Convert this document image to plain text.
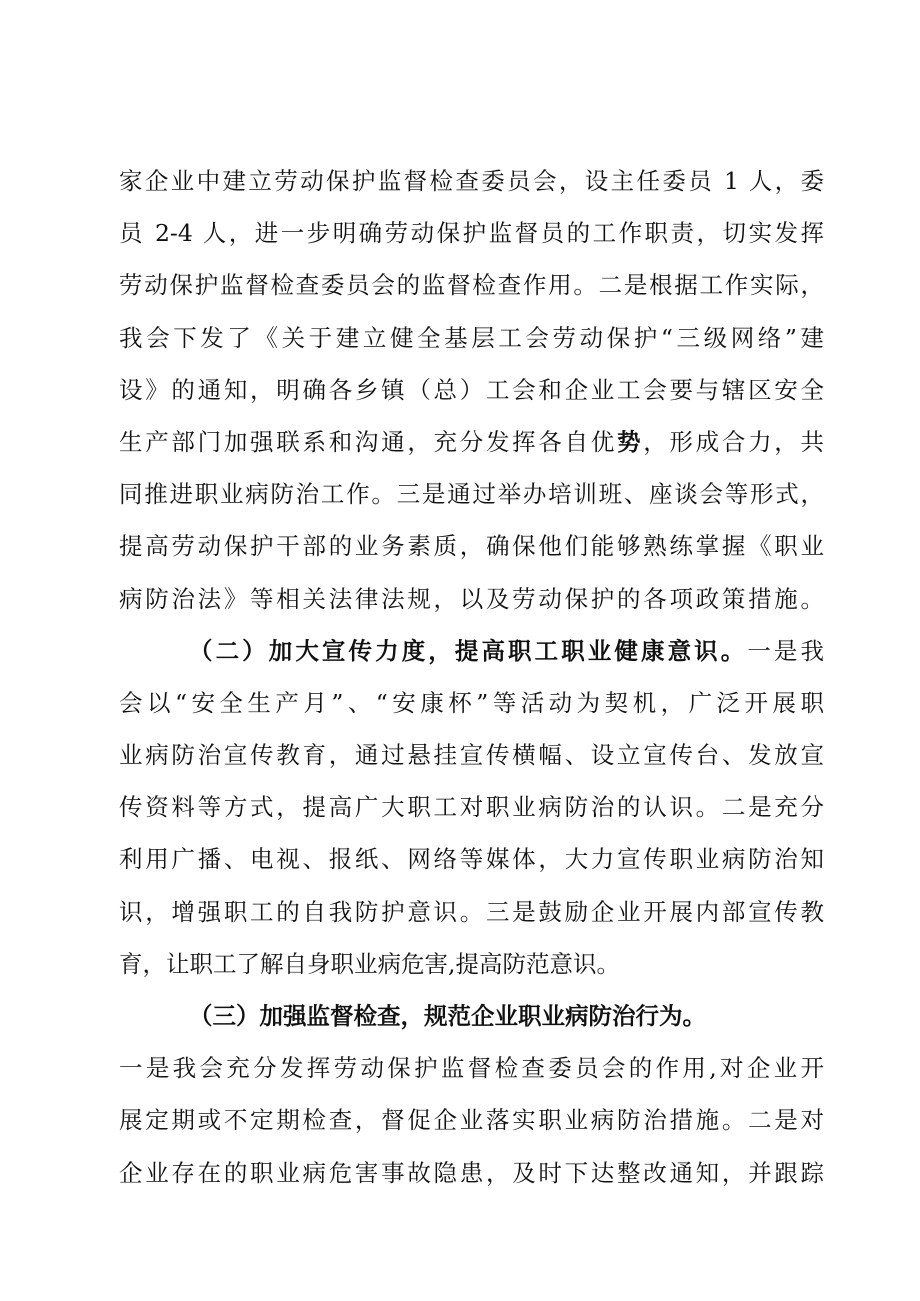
家企业中建立劳动保护监督检查委员会，设主任委员 1 人，委
员 2-4 人，进一步明确劳动保护监督员的工作职责，切实发挥
劳动保护监督检查委员会的监督检查作用。二是根据工作实际，
我会下发了《关于建立健全基层工会劳动保护“三级网络”建
设》的通知，明确各乡镇（总）工会和企业工会要与辖区安全
生产部门加强联系和沟通，充分发挥各自优势，形成合力，共
同推进职业病防治工作。三是通过举办培训班、座谈会等形式，
提高劳动保护干部的业务素质，确保他们能够熟练掌握《职业
病防治法》等相关法律法规，以及劳动保护的各项政策措施。
（二）加大宣传力度，提高职工职业健康意识。一是我
会以“安全生产月”、“安康杯”等活动为契机，广泛开展职
业病防治宣传教育，通过悬挂宣传横幅、设立宣传台、发放宣
传资料等方式，提高广大职工对职业病防治的认识。二是充分
利用广播、电视、报纸、网络等媒体，大力宣传职业病防治知
识，增强职工的自我防护意识。三是鼓励企业开展内部宣传教
育，让职工了解自身职业病危害,提高防范意识。
（三）加强监督检查，规范企业职业病防治行为。
一是我会充分发挥劳动保护监督检查委员会的作用,对企业开
展定期或不定期检查，督促企业落实职业病防治措施。二是对
企业存在的职业病危害事故隐患，及时下达整改通知，并跟踪
